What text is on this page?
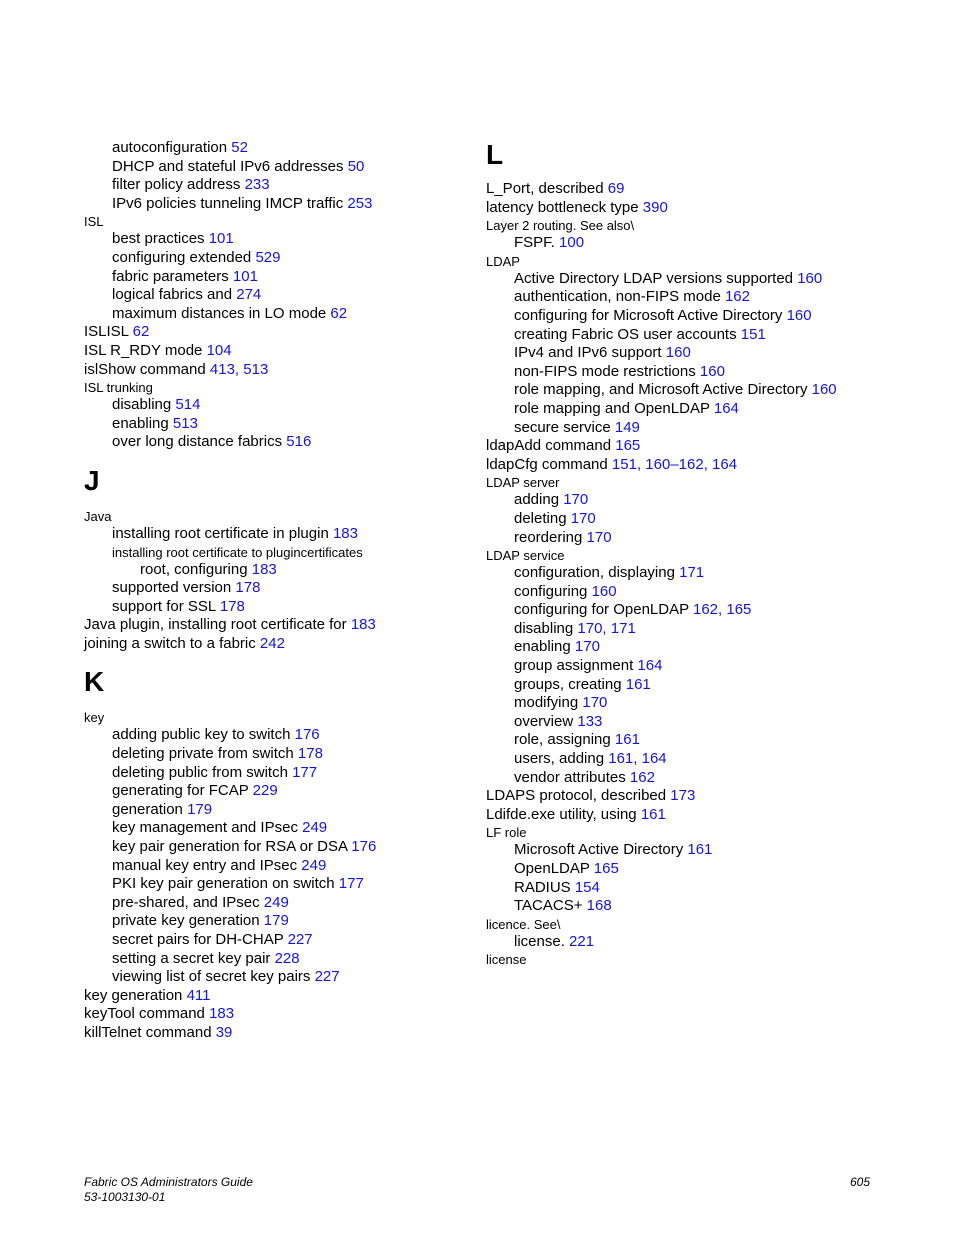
autoconfiguration 52
DHCP and stateful IPv6 addresses 50
filter policy address 233
IPv6 policies tunneling IMCP traffic 253
ISL
best practices 101
configuring extended 529
fabric parameters 101
logical fabrics and 274
maximum distances in LO mode 62
ISLISL 62
ISL R_RDY mode 104
islShow command 413, 513
ISL trunking
disabling 514
enabling 513
over long distance fabrics 516
J
Java
installing root certificate in plugin 183
installing root certificate to plugincertificates
root, configuring 183
supported version 178
support for SSL 178
Java plugin, installing root certificate for 183
joining a switch to a fabric 242
K
key
adding public key to switch 176
deleting private from switch 178
deleting public from switch 177
generating for FCAP 229
generation 179
key management and IPsec 249
key pair generation for RSA or DSA 176
manual key entry and IPsec 249
PKI key pair generation on switch 177
pre-shared, and IPsec 249
private key generation 179
secret pairs for DH-CHAP 227
setting a secret key pair 228
viewing list of secret key pairs 227
key generation 411
keyTool command 183
killTelnet command 39
L
L_Port, described 69
latency bottleneck type 390
Layer 2 routing. See also\
FSPF. 100
LDAP
Active Directory LDAP versions supported 160
authentication, non-FIPS mode 162
configuring for Microsoft Active Directory 160
creating Fabric OS user accounts 151
IPv4 and IPv6 support 160
non-FIPS mode restrictions 160
role mapping, and Microsoft Active Directory 160
role mapping and OpenLDAP 164
secure service 149
ldapAdd command 165
ldapCfg command 151, 160–162, 164
LDAP server
adding 170
deleting 170
reordering 170
LDAP service
configuration, displaying 171
configuring 160
configuring for OpenLDAP 162, 165
disabling 170, 171
enabling 170
group assignment 164
groups, creating 161
modifying 170
overview 133
role, assigning 161
users, adding 161, 164
vendor attributes 162
LDAPS protocol, described 173
Ldifde.exe utility, using 161
LF role
Microsoft Active Directory 161
OpenLDAP 165
RADIUS 154
TACACS+ 168
licence. See\
license. 221
license
Fabric OS Administrators Guide
53-1003130-01
605
